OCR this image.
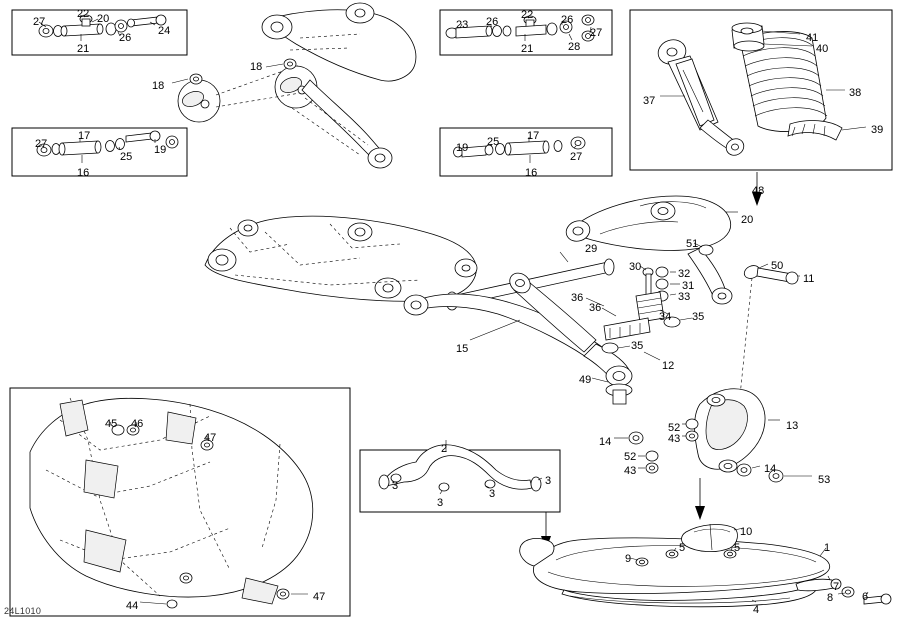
27
22 20
24
21
26
23 26
22	26
27
21	28
18
18
27
17
25
19
16
19 25	17
27
16
41
40
37
38
39
48
20
29	51
30
32
50
11
31
33
36
36
34 35
15	35
12
49
52
43
13
14
52
43	14
53
2
3	3
3
3
45 46
47
44
47
10
1
5	5
9
7
8	6
4
24L1010
